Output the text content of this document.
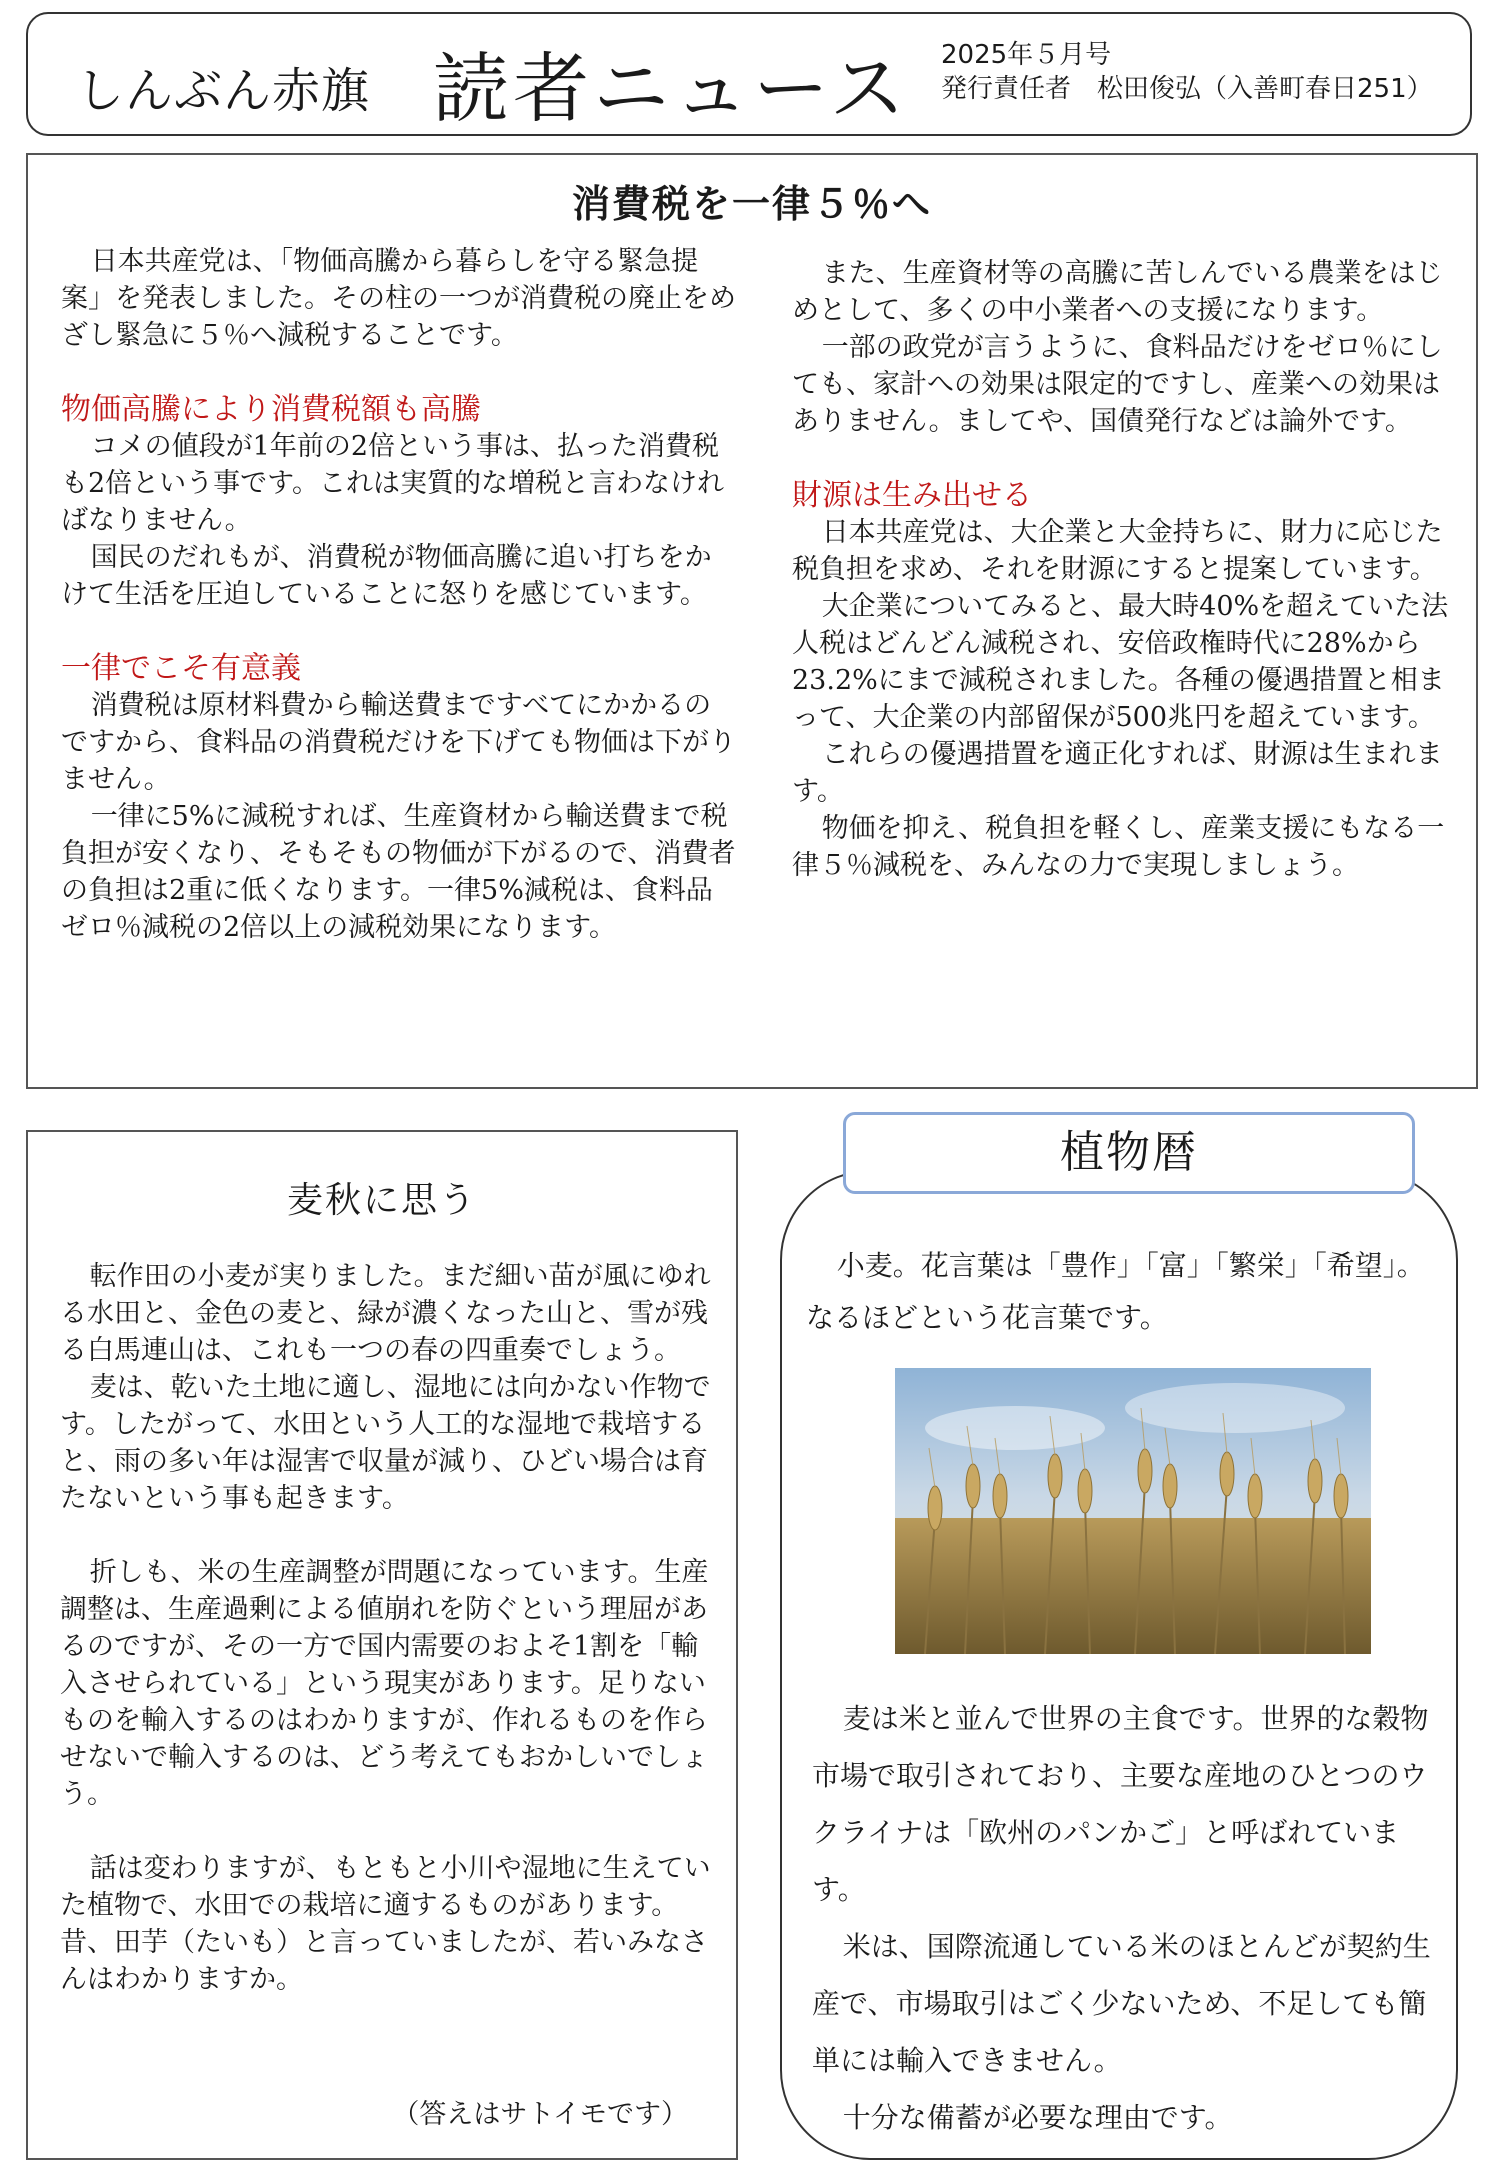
しんぶん赤旗 読者ニュース 2025年５月号
発行責任者　松田俊弘（入善町春日251）
消費税を一律５％へ

日本共産党は、「物価高騰から暮らしを守る緊急提案」を発表しました。その柱の一つが消費税の廃止をめざし緊急に５％へ減税することです。

物価高騰により消費税額も高騰

コメの値段が1年前の2倍という事は、払った消費税も2倍という事です。これは実質的な増税と言わなければなりません。

国民のだれもが、消費税が物価高騰に追い打ちをかけて生活を圧迫していることに怒りを感じています。

一律でこそ有意義

消費税は原材料費から輸送費まですべてにかかるのですから、食料品の消費税だけを下げても物価は下がりません。

一律に5%に減税すれば、生産資材から輸送費まで税負担が安くなり、そもそもの物価が下がるので、消費者の負担は2重に低くなります。一律5%減税は、食料品ゼロ％減税の2倍以上の減税効果になります。

また、生産資材等の高騰に苦しんでいる農業をはじめとして、多くの中小業者への支援になります。

一部の政党が言うように、食料品だけをゼロ％にしても、家計への効果は限定的ですし、産業への効果はありません。ましてや、国債発行などは論外です。

財源は生み出せる

日本共産党は、大企業と大金持ちに、財力に応じた税負担を求め、それを財源にすると提案しています。

大企業についてみると、最大時40%を超えていた法人税はどんどん減税され、安倍政権時代に28%から23.2%にまで減税されました。各種の優遇措置と相まって、大企業の内部留保が500兆円を超えています。

これらの優遇措置を適正化すれば、財源は生まれます。

物価を抑え、税負担を軽くし、産業支援にもなる一律５％減税を、みんなの力で実現しましょう。

麦秋に思う

転作田の小麦が実りました。まだ細い苗が風にゆれる水田と、金色の麦と、緑が濃くなった山と、雪が残る白馬連山は、これも一つの春の四重奏でしょう。

麦は、乾いた土地に適し、湿地には向かない作物です。したがって、水田という人工的な湿地で栽培すると、雨の多い年は湿害で収量が減り、ひどい場合は育たないという事も起きます。

折しも、米の生産調整が問題になっています。生産調整は、生産過剰による値崩れを防ぐという理屈があるのですが、その一方で国内需要のおよそ1割を「輸入させられている」という現実があります。足りないものを輸入するのはわかりますが、作れるものを作らせないで輸入するのは、どう考えてもおかしいでしょう。

話は変わりますが、もともと小川や湿地に生えていた植物で、水田での栽培に適するものがあります。昔、田芋（たいも）と言っていましたが、若いみなさんはわかりますか。

（答えはサトイモです）
植物暦

小麦。花言葉は「豊作」「富」「繁栄」「希望」。　なるほどという花言葉です。

麦は米と並んで世界の主食です。世界的な穀物市場で取引されており、主要な産地のひとつのウクライナは「欧州のパンかご」と呼ばれています。

米は、国際流通している米のほとんどが契約生産で、市場取引はごく少ないため、不足しても簡単には輸入できません。

十分な備蓄が必要な理由です。
